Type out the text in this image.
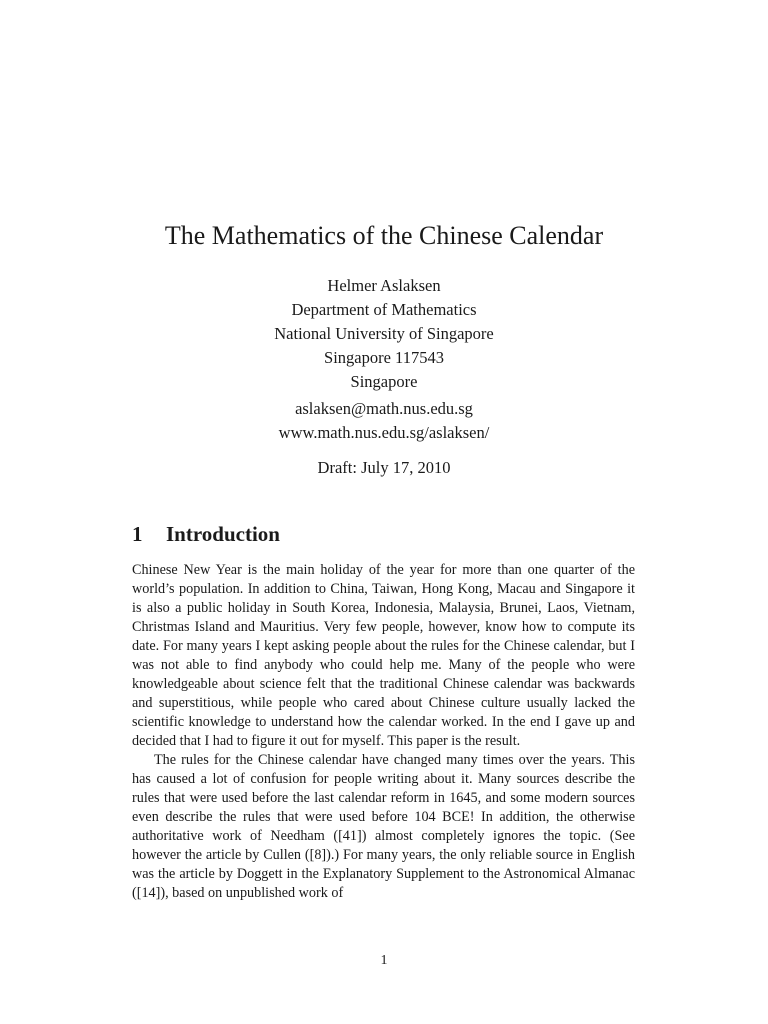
The Mathematics of the Chinese Calendar
Helmer Aslaksen
Department of Mathematics
National University of Singapore
Singapore 117543
Singapore
aslaksen@math.nus.edu.sg
www.math.nus.edu.sg/aslaksen/
Draft: July 17, 2010
1 Introduction

Chinese New Year is the main holiday of the year for more than one quarter of the world’s population. In addition to China, Taiwan, Hong Kong, Macau and Singapore it is also a public holiday in South Korea, Indonesia, Malaysia, Brunei, Laos, Vietnam, Christmas Island and Mauritius. Very few people, however, know how to compute its date. For many years I kept asking people about the rules for the Chinese calendar, but I was not able to find anybody who could help me. Many of the people who were knowledgeable about science felt that the traditional Chinese calendar was backwards and superstitious, while people who cared about Chinese culture usually lacked the scientific knowledge to understand how the calendar worked. In the end I gave up and decided that I had to figure it out for myself. This paper is the result.

The rules for the Chinese calendar have changed many times over the years. This has caused a lot of confusion for people writing about it. Many sources describe the rules that were used before the last calendar reform in 1645, and some modern sources even describe the rules that were used before 104 BCE! In addition, the otherwise authoritative work of Needham ([41]) almost completely ignores the topic. (See however the article by Cullen ([8]).) For many years, the only reliable source in English was the article by Doggett in the Explanatory Supplement to the Astronomical Almanac ([14]), based on unpublished work of

1
